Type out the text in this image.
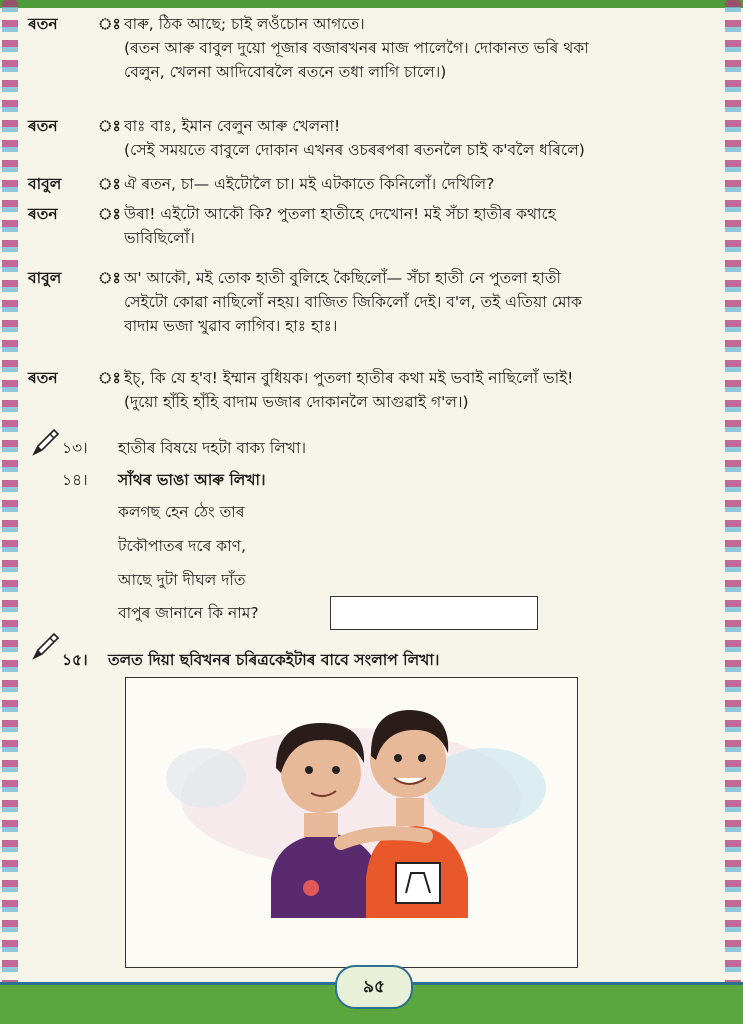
ৰতন	ঃ বাৰু, ঠিক আছে; চাই লওঁচোন আগতে।
(ৰতন আৰু বাবুল দুয়ো পূজাৰ বজাৰখনৰ মাজ পালেগৈ। দোকানত ভৰি থকা
বেলুন, খেলনা আদিবোৰলৈ ৰতনে তধা লাগি চালে।)
ৰতন	ঃ বাঃ বাঃ, ইমান বেলুন আৰু খেলনা!
(সেই সময়তে বাবুলে দোকান এখনৰ ওচৰৰপৰা ৰতনলৈ চাই ক'বলৈ ধৰিলে)
বাবুল	ঃ ঐ ৰতন, চা— এইটোলৈ চা। মই এটকাতে কিনিলোঁ। দেখিলি?
ৰতন	ঃ উৰা! এইটো আকৌ কি? পুতলা হাতীহে দেখোন! মই সঁচা হাতীৰ কথাহে
ভাবিছিলোঁ।
বাবুল	ঃ অ' আকৌ, মই তোক হাতী বুলিহে কৈছিলোঁ— সঁচা হাতী নে পুতলা হাতী
সেইটো কোৱা নাছিলোঁ নহয়। বাজিত জিকিলোঁ দেই। ব'ল, তই এতিয়া মোক
বাদাম ভজা খুৱাব লাগিব। হাঃ হাঃ।
ৰতন	ঃ ইচ্, কি যে হ'ব! ইম্মান বুধিয়ক। পুতলা হাতীৰ কথা মই ভবাই নাছিলোঁ ভাই!
(দুয়ো হাঁহি হাঁহি বাদাম ভজাৰ দোকানলৈ আগুৱাই গ'ল।)
১৩। হাতীৰ বিষয়ে দহটা বাক্য লিখা।
১৪। সাঁথৰ ভাঙা আৰু লিখা।
কলগছ হেন ঠেং তাৰ
টকৌপাতৰ দৰে কাণ,
আছে দুটা দীঘল দাঁত
বাপুৰ জানানে কি নাম?
১৫। তলত দিয়া ছবিখনৰ চৰিত্ৰকেইটাৰ বাবে সংলাপ লিখা।
৯৫
